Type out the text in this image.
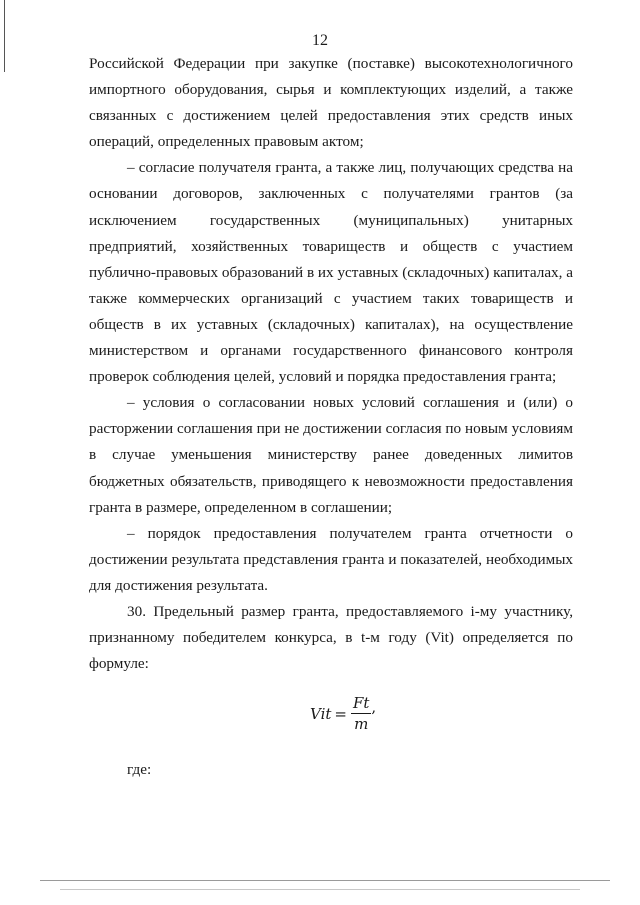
12

Российской Федерации при закупке (поставке) высокотехнологичного импортного оборудования, сырья и комплектующих изделий, а также связанных с достижением целей предоставления этих средств иных операций, определенных правовым актом;

– согласие получателя гранта, а также лиц, получающих средства на основании договоров, заключенных с получателями грантов (за исключением государственных (муниципальных) унитарных предприятий, хозяйственных товариществ и обществ с участием публично-правовых образований в их уставных (складочных) капиталах, а также коммерческих организаций с участием таких товариществ и обществ в их уставных (складочных) капиталах), на осуществление министерством и органами государственного финансового контроля проверок соблюдения целей, условий и порядка предоставления гранта;

– условия о согласовании новых условий соглашения и (или) о расторжении соглашения при не достижении согласия по новым условиям в случае уменьшения министерству ранее доведенных лимитов бюджетных обязательств, приводящего к невозможности предоставления гранта в размере, определенном в соглашении;

– порядок предоставления получателем гранта отчетности о достижении результата представления гранта и показателей, необходимых для достижения результата.

30. Предельный размер гранта, предоставляемого i-му участнику, признанному победителем конкурса, в t-м году (Vit) определяется по формуле:

Vit = $\frac{Ft}{m}$ ,
где:
